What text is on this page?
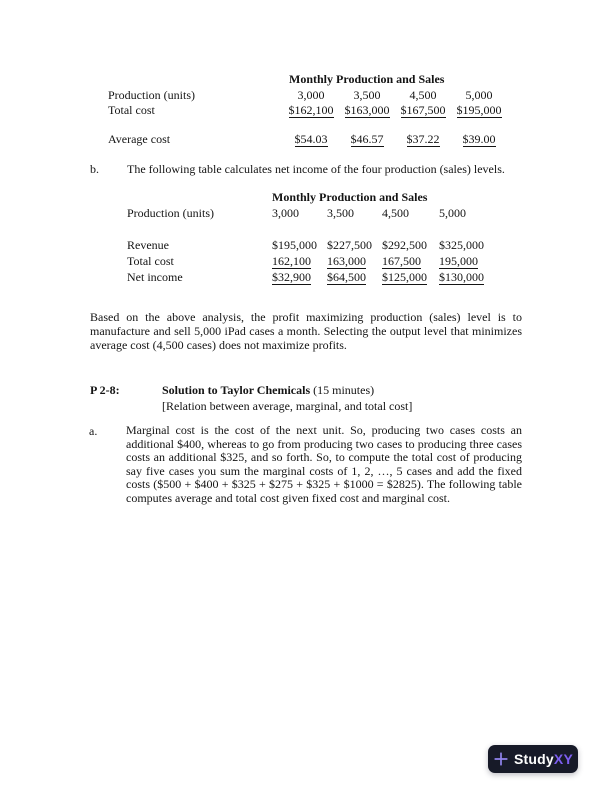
Monthly Production and Sales
Production (units)	3,000	3,500	4,500	5,000
Total cost	$162,100 $163,000 $167,500 $195,000
Average cost	$54.03	$46.57	$37.22	$39.00
b. The following table calculates net income of the four production (sales) levels.
Monthly Production and Sales
Production (units)	3,000	3,500	4,500	5,000
Revenue	$195,000 $227,500 $292,500	$325,000
Total cost	162,100	163,000	167,500	195,000
Net income	$32,900	$64,500	$125,000	$130,000
Based on the above analysis, the profit maximizing production (sales) level is to manufacture and sell 5,000 iPad cases a month. Selecting the output level that minimizes average cost (4,500 cases) does not maximize profits.
P 2-8:	Solution to Taylor Chemicals (15 minutes)
[Relation between average, marginal, and total cost]
a. Marginal cost is the cost of the next unit. So, producing two cases costs an additional $400, whereas to go from producing two cases to producing three cases costs an additional $325, and so forth. So, to compute the total cost of producing say five cases you sum the marginal costs of 1, 2, …, 5 cases and add the fixed costs ($500 + $400 + $325 + $275 + $325 + $1000 = $2825). The following table computes average and total cost given fixed cost and marginal cost.
StudyXY
